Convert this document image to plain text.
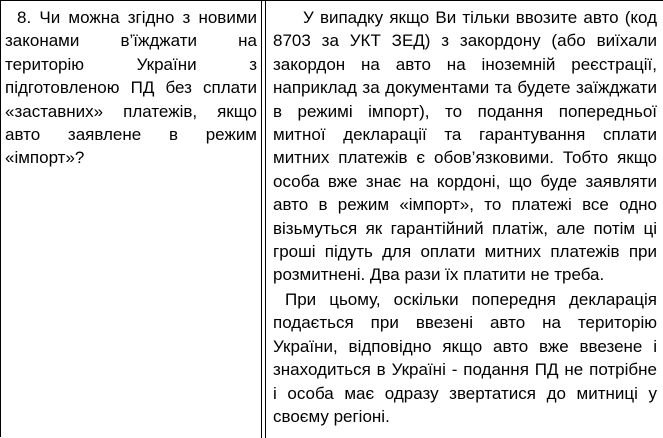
8. Чи можна згідно з новими законами в’їжджати на територію України з підготовленою ПД без сплати «заставних» платежів, якщо авто заявлене в режим «імпорт»?

У випадку якщо Ви тільки ввозите авто (код 8703 за УКТ ЗЕД) з закордону (або виїхали закордон на авто на іноземній реєстрації, наприклад за документами та будете заїжджати в режимі імпорт), то подання попередньої митної декларації та гарантування сплати митних платежів є обов’язковими. Тобто якщо особа вже знає на кордоні, що буде заявляти авто в режим «імпорт», то платежі все одно візьмуться як гарантійний платіж, але потім ці гроші підуть для оплати митних платежів при розмитнені. Два рази їх платити не треба.

При цьому, оскільки попередня декларація подається при ввезені авто на територію України, відповідно якщо авто вже ввезене і знаходиться в Україні - подання ПД не потрібне і особа має одразу звертатися до митниці у своєму регіоні.
